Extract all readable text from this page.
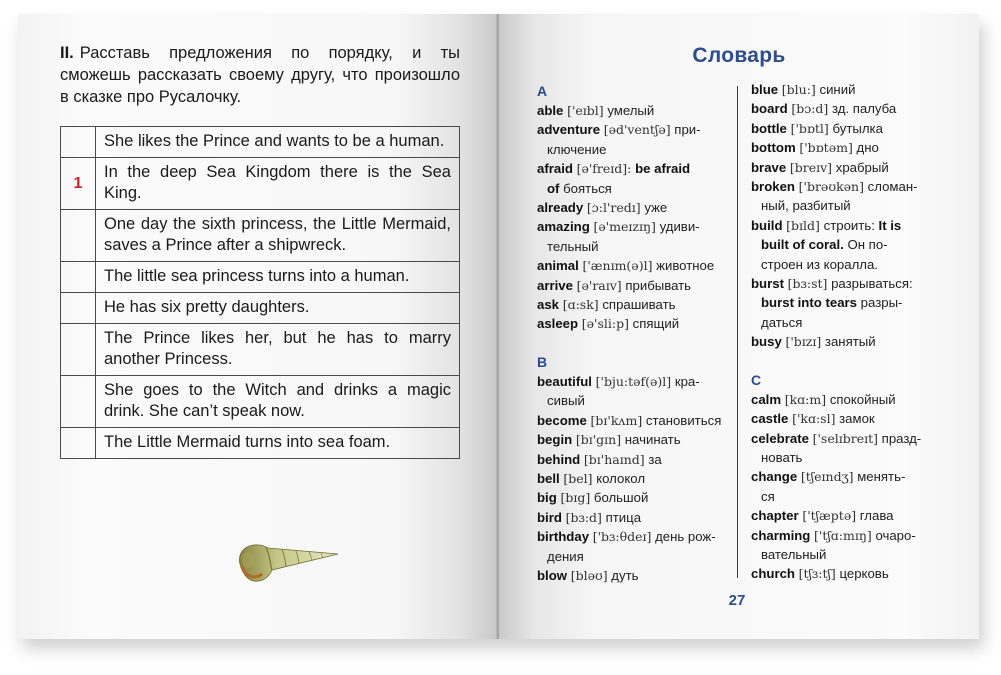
II. Расставь предложения по порядку, и ты сможешь рассказать своему другу, что произошло в сказке про Русалочку.
	She likes the Prince and wants to be a human.
1	In the deep Sea Kingdom there is the Sea King.
	One day the sixth princess, the Little Mermaid, saves a Prince after a shipwreck.
	The little sea princess turns into a human.
	He has six pretty daughters.
	The Prince likes her, but he has to marry another Princess.
	She goes to the Witch and drinks a magic drink. She can’t speak now.
	The Little Mermaid turns into sea foam.
Словарь
A
able ['eɪbl] умелый
adventure [əd'ventʃə] при-
ключение
afraid [ə'freɪd]: be afraid
of бояться
already [ɔ:l'redɪ] уже
amazing [ə'meɪzɪŋ] удиви-
тельный
animal ['ænɪm(ə)l] животное
arrive [ə'raɪv] прибывать
ask [ɑ:sk] спрашивать
asleep [ə'sli:p] спящий
B
beautiful ['bju:təf(ə)l] кра-
сивый
become [bɪ'kʌm] становиться
begin [bɪ'gɪn] начинать
behind [bɪ'haɪnd] за
bell [bel] колокол
big [bɪg] большой
bird [bɜ:d] птица
birthday ['bɜ:θdeɪ] день рож-
дения
blow [bləʊ] дуть
blue [blu:] синий
board [bɔ:d] зд. палуба
bottle ['bɒtl] бутылка
bottom ['bɒtəm] дно
brave [breɪv] храбрый
broken ['brəʊkən] сломан-
ный, разбитый
build [bɪld] строить: It is
built of coral. Он по-
строен из коралла.
burst [bɜ:st] разрываться:
burst into tears разры-
даться
busy ['bɪzɪ] занятый
C
calm [kɑ:m] спокойный
castle ['kɑ:sl] замок
celebrate ['selɪbreɪt] празд-
новать
change [tʃeɪndʒ] менять-
ся
chapter ['tʃæptə] глава
charming ['tʃɑ:mɪŋ] очаро-
вательный
church [tʃɜ:tʃ] церковь
27
